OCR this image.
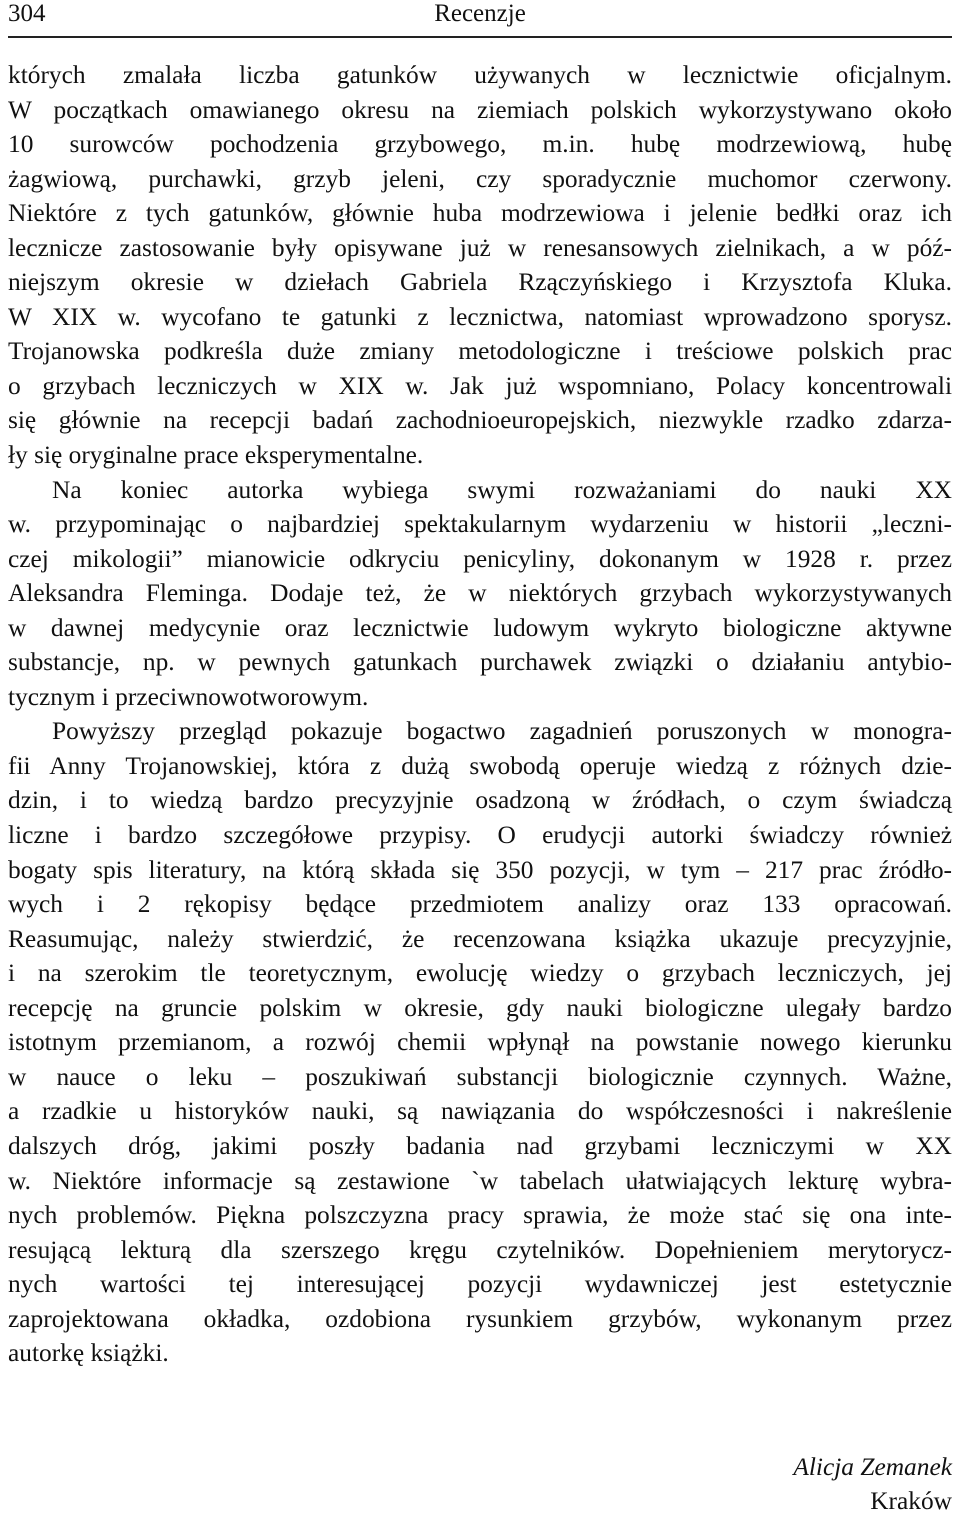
304	Recenzje
których zmalała liczba gatunków używanych w lecznictwie oficjalnym.
W początkach omawianego okresu na ziemiach polskich wykorzystywano około
10 surowców pochodzenia grzybowego, m.in. hubę modrzewiową, hubę
żagwiową, purchawki, grzyb jeleni, czy sporadycznie muchomor czerwony.
Niektóre z tych gatunków, głównie huba modrzewiowa i jelenie bedłki oraz ich
lecznicze zastosowanie były opisywane już w renesansowych zielnikach, a w póź-
niejszym okresie w dziełach Gabriela Rzączyńskiego i Krzysztofa Kluka.
W XIX w. wycofano te gatunki z lecznictwa, natomiast wprowadzono sporysz.
Trojanowska podkreśla duże zmiany metodologiczne i treściowe polskich prac
o grzybach leczniczych w XIX w. Jak już wspomniano, Polacy koncentrowali
się głównie na recepcji badań zachodnioeuropejskich, niezwykle rzadko zdarza-
ły się oryginalne prace eksperymentalne.
Na koniec autorka wybiega swymi rozważaniami do nauki XX
w. przypominając o najbardziej spektakularnym wydarzeniu w historii „leczni-
czej mikologii” mianowicie odkryciu penicyliny, dokonanym w 1928 r. przez
Aleksandra Fleminga. Dodaje też, że w niektórych grzybach wykorzystywanych
w dawnej medycynie oraz lecznictwie ludowym wykryto biologiczne aktywne
substancje, np. w pewnych gatunkach purchawek związki o działaniu antybio-
tycznym i przeciwnowotworowym.
Powyższy przegląd pokazuje bogactwo zagadnień poruszonych w monogra-
fii Anny Trojanowskiej, która z dużą swobodą operuje wiedzą z różnych dzie-
dzin, i to wiedzą bardzo precyzyjnie osadzoną w źródłach, o czym świadczą
liczne i bardzo szczegółowe przypisy. O erudycji autorki świadczy również
bogaty spis literatury, na którą składa się 350 pozycji, w tym – 217 prac źródło-
wych i 2 rękopisy będące przedmiotem analizy oraz 133 opracowań.
Reasumując, należy stwierdzić, że recenzowana książka ukazuje precyzyjnie,
i na szerokim tle teoretycznym, ewolucję wiedzy o grzybach leczniczych, jej
recepcję na gruncie polskim w okresie, gdy nauki biologiczne ulegały bardzo
istotnym przemianom, a rozwój chemii wpłynął na powstanie nowego kierunku
w nauce o leku – poszukiwań substancji biologicznie czynnych. Ważne,
a rzadkie u historyków nauki, są nawiązania do współczesności i nakreślenie
dalszych dróg, jakimi poszły badania nad grzybami leczniczymi w XX
w. Niektóre informacje są zestawione `w tabelach ułatwiających lekturę wybra-
nych problemów. Piękna polszczyzna pracy sprawia, że może stać się ona inte-
resującą lekturą dla szerszego kręgu czytelników. Dopełnieniem merytorycz-
nych wartości tej interesującej pozycji wydawniczej jest estetycznie
zaprojektowana okładka, ozdobiona rysunkiem grzybów, wykonanym przez
autorkę książki.
Alicja Zemanek
Kraków
